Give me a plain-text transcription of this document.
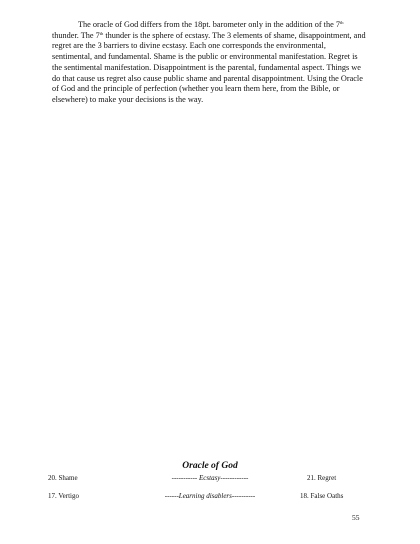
The oracle of God differs from the 18pt. barometer only in the addition of the 7th thunder. The 7th thunder is the sphere of ecstasy. The 3 elements of shame, disappointment, and regret are the 3 barriers to divine ecstasy. Each one corresponds the environmental, sentimental, and fundamental. Shame is the public or environmental manifestation. Regret is the sentimental manifestation. Disappointment is the parental, fundamental aspect. Things we do that cause us regret also cause public shame and parental disappointment. Using the Oracle of God and the principle of perfection (whether you learn them here, from the Bible, or elsewhere) to make your decisions is the way.

Oracle of God
20. Shame	----------- Ecstasy------------	21. Regret
17. Vertigo	------Learning disablers----------	18. False Oaths
55
